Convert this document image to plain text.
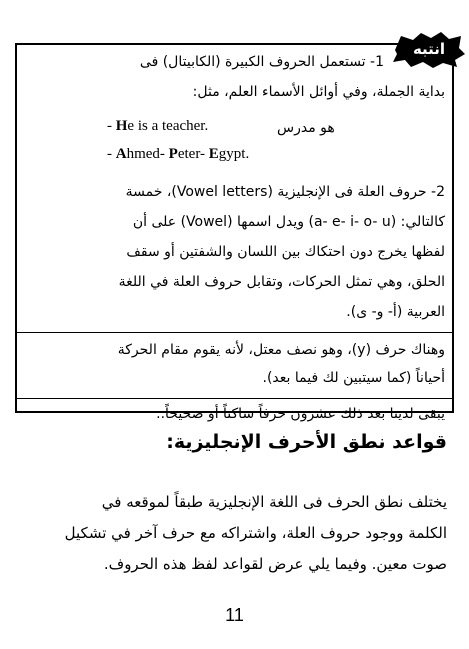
انتبه
1- تستعمل الحروف الكبيرة (الكابيتال) فى
بداية الجملة، وفي أوائل الأسماء العلم، مثل:
- He is a teacher.	هو مدرس
- Ahmed- Peter- Egypt.
2- حروف العلة فى الإنجليزية (Vowel letters)، خمسة
كالتالي: (a- e- i- o- u) ويدل اسمها (Vowel) على أن
لفظها يخرج دون احتكاك بين اللسان والشفتين أو سقف
الحلق، وهي تمثل الحركات، وتقابل حروف العلة في اللغة
العربية (أ- و- ى).
وهناك حرف (y)، وهو نصف معتل، لأنه يقوم مقام الحركة
أحياناً (كما سيتبين لك فيما بعد).
يبقى لدينا بعد ذلك عشرون حرفاً ساكناً أو صحيحاً..
قواعد نطق الأحرف الإنجليزية:
يختلف نطق الحرف فى اللغة الإنجليزية طبقاً لموقعه في
الكلمة ووجود حروف العلة، واشتراكه مع حرف آخر في تشكيل
صوت معين. وفيما يلي عرض لقواعد لفظ هذه الحروف.
11
